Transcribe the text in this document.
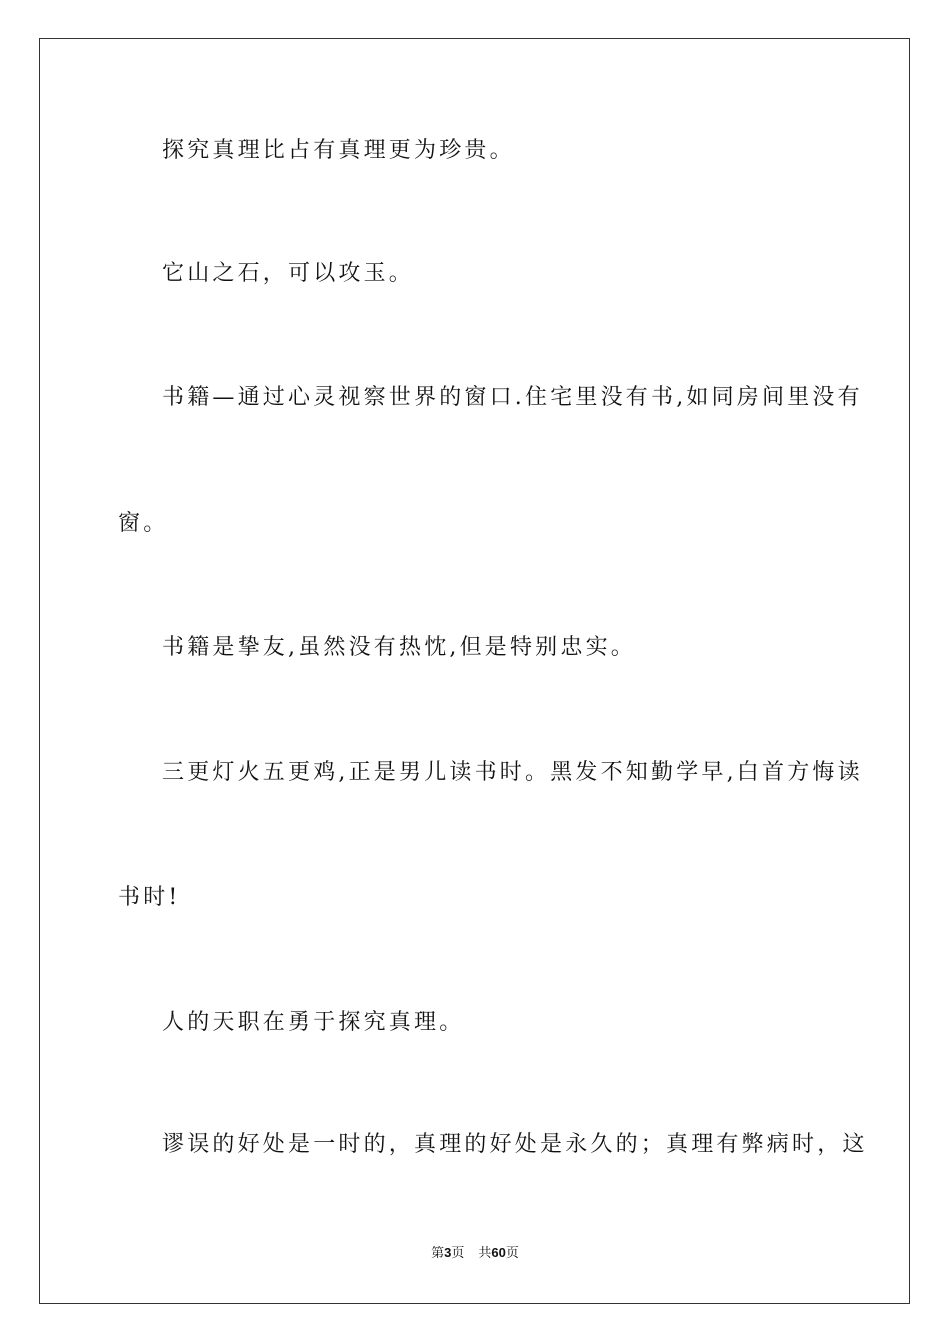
探究真理比占有真理更为珍贵。
它山之石，可以攻玉。
书籍—通过心灵视察世界的窗口.住宅里没有书,如同房间里没有
窗。
书籍是挚友,虽然没有热忱,但是特别忠实。
三更灯火五更鸡,正是男儿读书时。黑发不知勤学早,白首方悔读
书时!
人的天职在勇于探究真理。
谬误的好处是一时的，真理的好处是永久的；真理有弊病时，这
第3页 共60页
